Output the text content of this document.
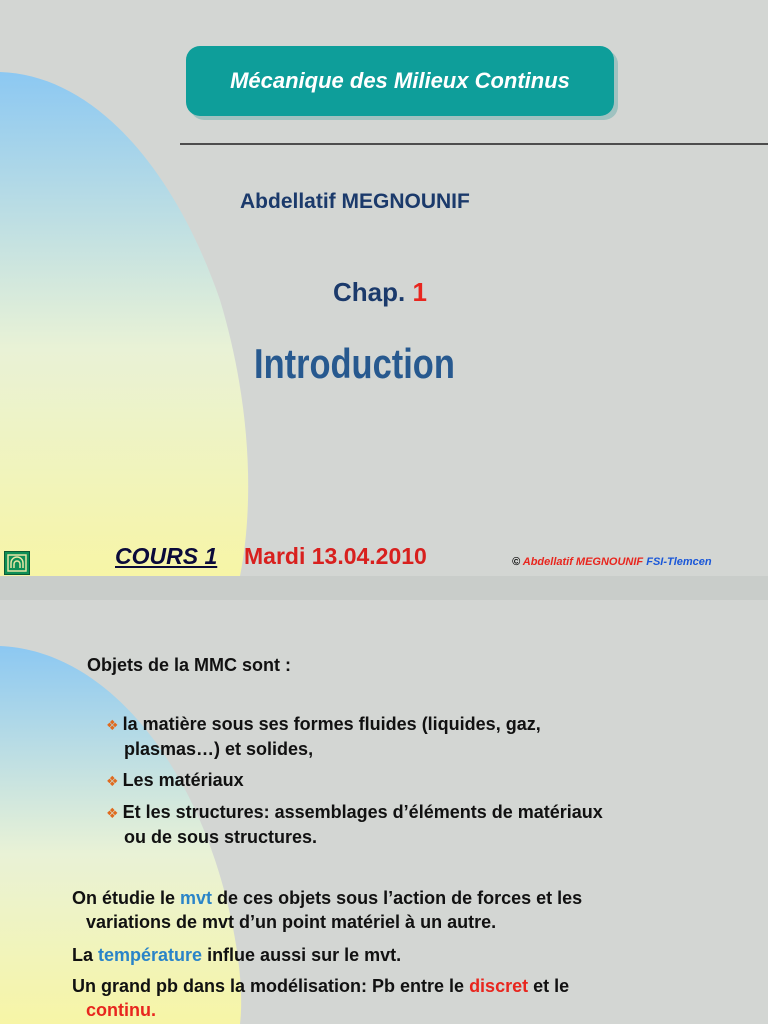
Mécanique des Milieux Continus
Abdellatif MEGNOUNIF
Chap. 1
Introduction
COURS 1 Mardi 13.04.2010	© Abdellatif MEGNOUNIF FSI-Tlemcen
Objets de la MMC sont :
❖ la matière sous ses formes fluides (liquides, gaz,
plasmas…) et solides,
❖ Les matériaux
❖ Et les structures: assemblages d’éléments de matériaux
ou de sous structures.
On étudie le mvt de ces objets sous l’action de forces et les
variations de mvt d’un point matériel à un autre.
La température influe aussi sur le mvt.
Un grand pb dans la modélisation: Pb entre le discret et le
continu.
